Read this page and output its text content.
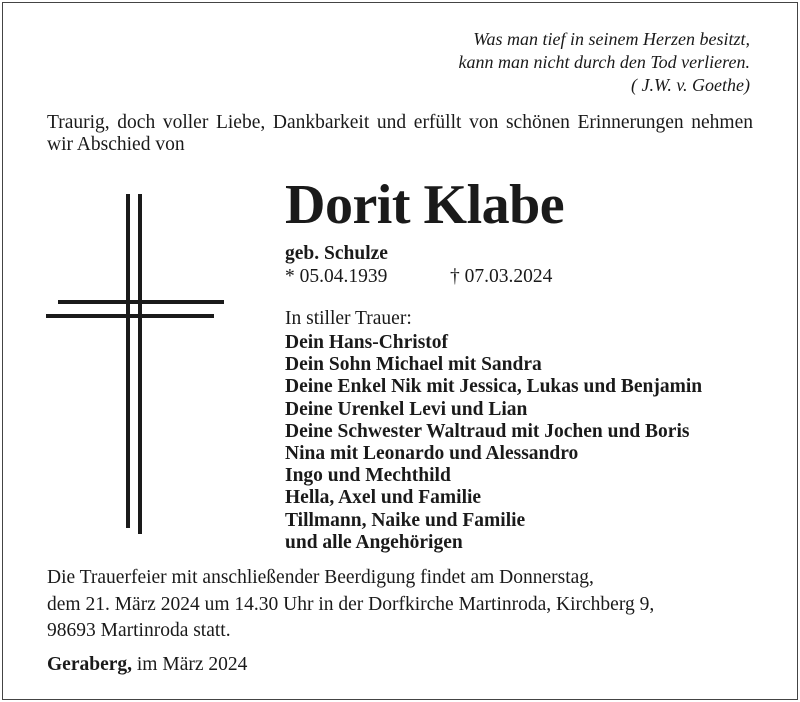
Was man tief in seinem Herzen besitzt,
kann man nicht durch den Tod verlieren.
( J.W. v. Goethe)
Traurig, doch voller Liebe, Dankbarkeit und erfüllt von schönen Erinnerungen nehmen wir Abschied von
Dorit Klabe
geb. Schulze
* 05.04.1939	† 07.03.2024
In stiller Trauer:
Dein Hans-Christof
Dein Sohn Michael mit Sandra
Deine Enkel Nik mit Jessica, Lukas und Benjamin
Deine Urenkel Levi und Lian
Deine Schwester Waltraud mit Jochen und Boris
Nina mit Leonardo und Alessandro
Ingo und Mechthild
Hella, Axel und Familie
Tillmann, Naike und Familie
und alle Angehörigen
Die Trauerfeier mit anschließender Beerdigung findet am Donnerstag,
dem 21. März 2024 um 14.30 Uhr in der Dorfkirche Martinroda, Kirchberg 9,
98693 Martinroda statt.
Geraberg, im März 2024
